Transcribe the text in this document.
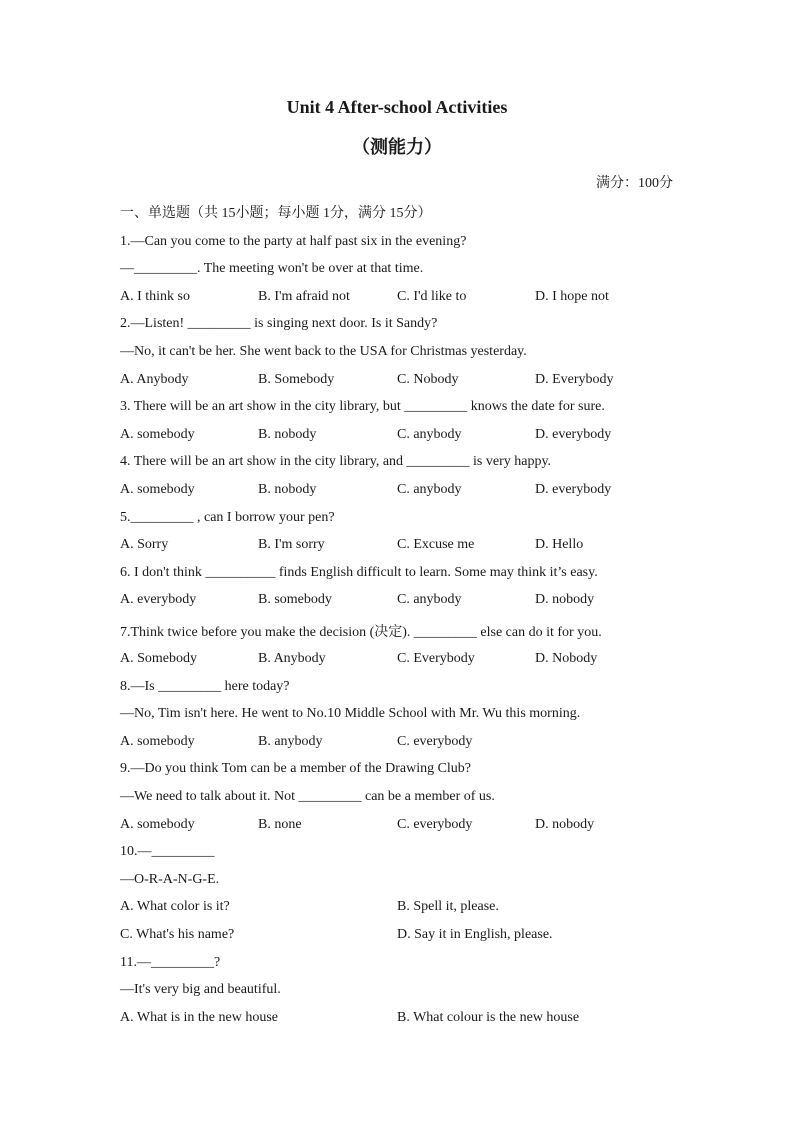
Unit 4 After-school Activities
（测能力）
满分：100分
一、单选题（共 15小题；每小题 1分，满分 15分）
1.—Can you come to the party at half past six in the evening?
—_________. The meeting won't be over at that time.
A. I think so	B. I'm afraid not	C. I'd like to	D. I hope not
2.—Listen! _________ is singing next door. Is it Sandy?
—No, it can't be her. She went back to the USA for Christmas yesterday.
A. Anybody	B. Somebody	C. Nobody	D. Everybody
3. There will be an art show in the city library, but _________ knows the date for sure.
A. somebody	B. nobody	C. anybody	D. everybody
4. There will be an art show in the city library, and _________ is very happy.
A. somebody	B. nobody	C. anybody	D. everybody
5._________ , can I borrow your pen?
A. Sorry	B. I'm sorry	C. Excuse me	D. Hello
6. I don't think __________ finds English difficult to learn. Some may think it’s easy.
A. everybody	B. somebody	C. anybody	D. nobody
7.Think twice before you make the decision (决定). _________ else can do it for you.
A. Somebody	B. Anybody	C. Everybody	D. Nobody
8.—Is _________ here today?
—No, Tim isn't here. He went to No.10 Middle School with Mr. Wu this morning.
A. somebody	B. anybody	C. everybody
9.—Do you think Tom can be a member of the Drawing Club?
—We need to talk about it. Not _________ can be a member of us.
A. somebody	B. none	C. everybody	D. nobody
10.—_________
—O-R-A-N-G-E.
A. What color is it?	B. Spell it, please.
C. What's his name?	D. Say it in English, please.
11.—_________?
—It's very big and beautiful.
A. What is in the new house	B. What colour is the new house
